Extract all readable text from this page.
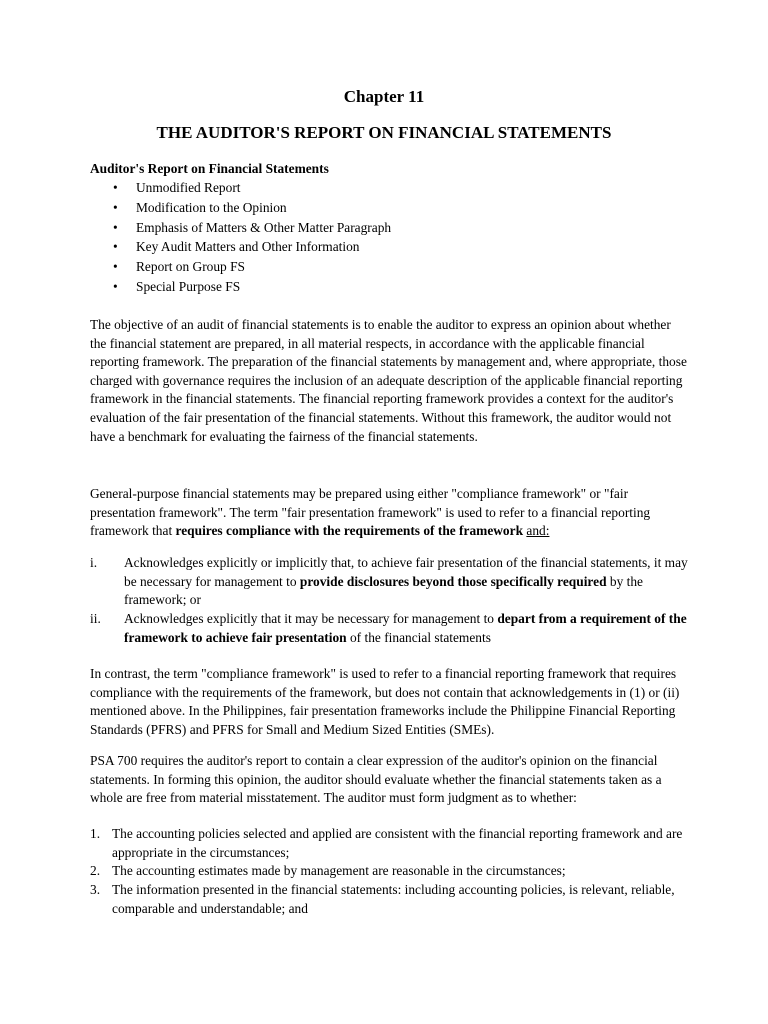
Chapter 11
THE AUDITOR'S REPORT ON FINANCIAL STATEMENTS

Auditor's Report on Financial Statements

• Unmodified Report
• Modification to the Opinion
• Emphasis of Matters & Other Matter Paragraph
• Key Audit Matters and Other Information
• Report on Group FS
• Special Purpose FS

The objective of an audit of financial statements is to enable the auditor to express an opinion about whether the financial statement are prepared, in all material respects, in accordance with the applicable financial reporting framework. The preparation of the financial statements by management and, where appropriate, those charged with governance requires the inclusion of an adequate description of the applicable financial reporting framework in the financial statements. The financial reporting framework provides a context for the auditor's evaluation of the fair presentation of the financial statements. Without this framework, the auditor would not have a benchmark for evaluating the fairness of the financial statements.

General-purpose financial statements may be prepared using either "compliance framework" or "fair presentation framework". The term "fair presentation framework" is used to refer to a financial reporting framework that requires compliance with the requirements of the framework and:

i. Acknowledges explicitly or implicitly that, to achieve fair presentation of the financial statements, it may be necessary for management to provide disclosures beyond those specifically required by the framework; or
ii. Acknowledges explicitly that it may be necessary for management to depart from a requirement of the framework to achieve fair presentation of the financial statements

In contrast, the term "compliance framework" is used to refer to a financial reporting framework that requires compliance with the requirements of the framework, but does not contain that acknowledgements in (1) or (ii) mentioned above. In the Philippines, fair presentation frameworks include the Philippine Financial Reporting Standards (PFRS) and PFRS for Small and Medium Sized Entities (SMEs).

PSA 700 requires the auditor's report to contain a clear expression of the auditor's opinion on the financial statements. In forming this opinion, the auditor should evaluate whether the financial statements taken as a whole are free from material misstatement. The auditor must form judgment as to whether:

1. The accounting policies selected and applied are consistent with the financial reporting framework and are appropriate in the circumstances;
2. The accounting estimates made by management are reasonable in the circumstances;
3. The information presented in the financial statements: including accounting policies, is relevant, reliable, comparable and understandable; and
